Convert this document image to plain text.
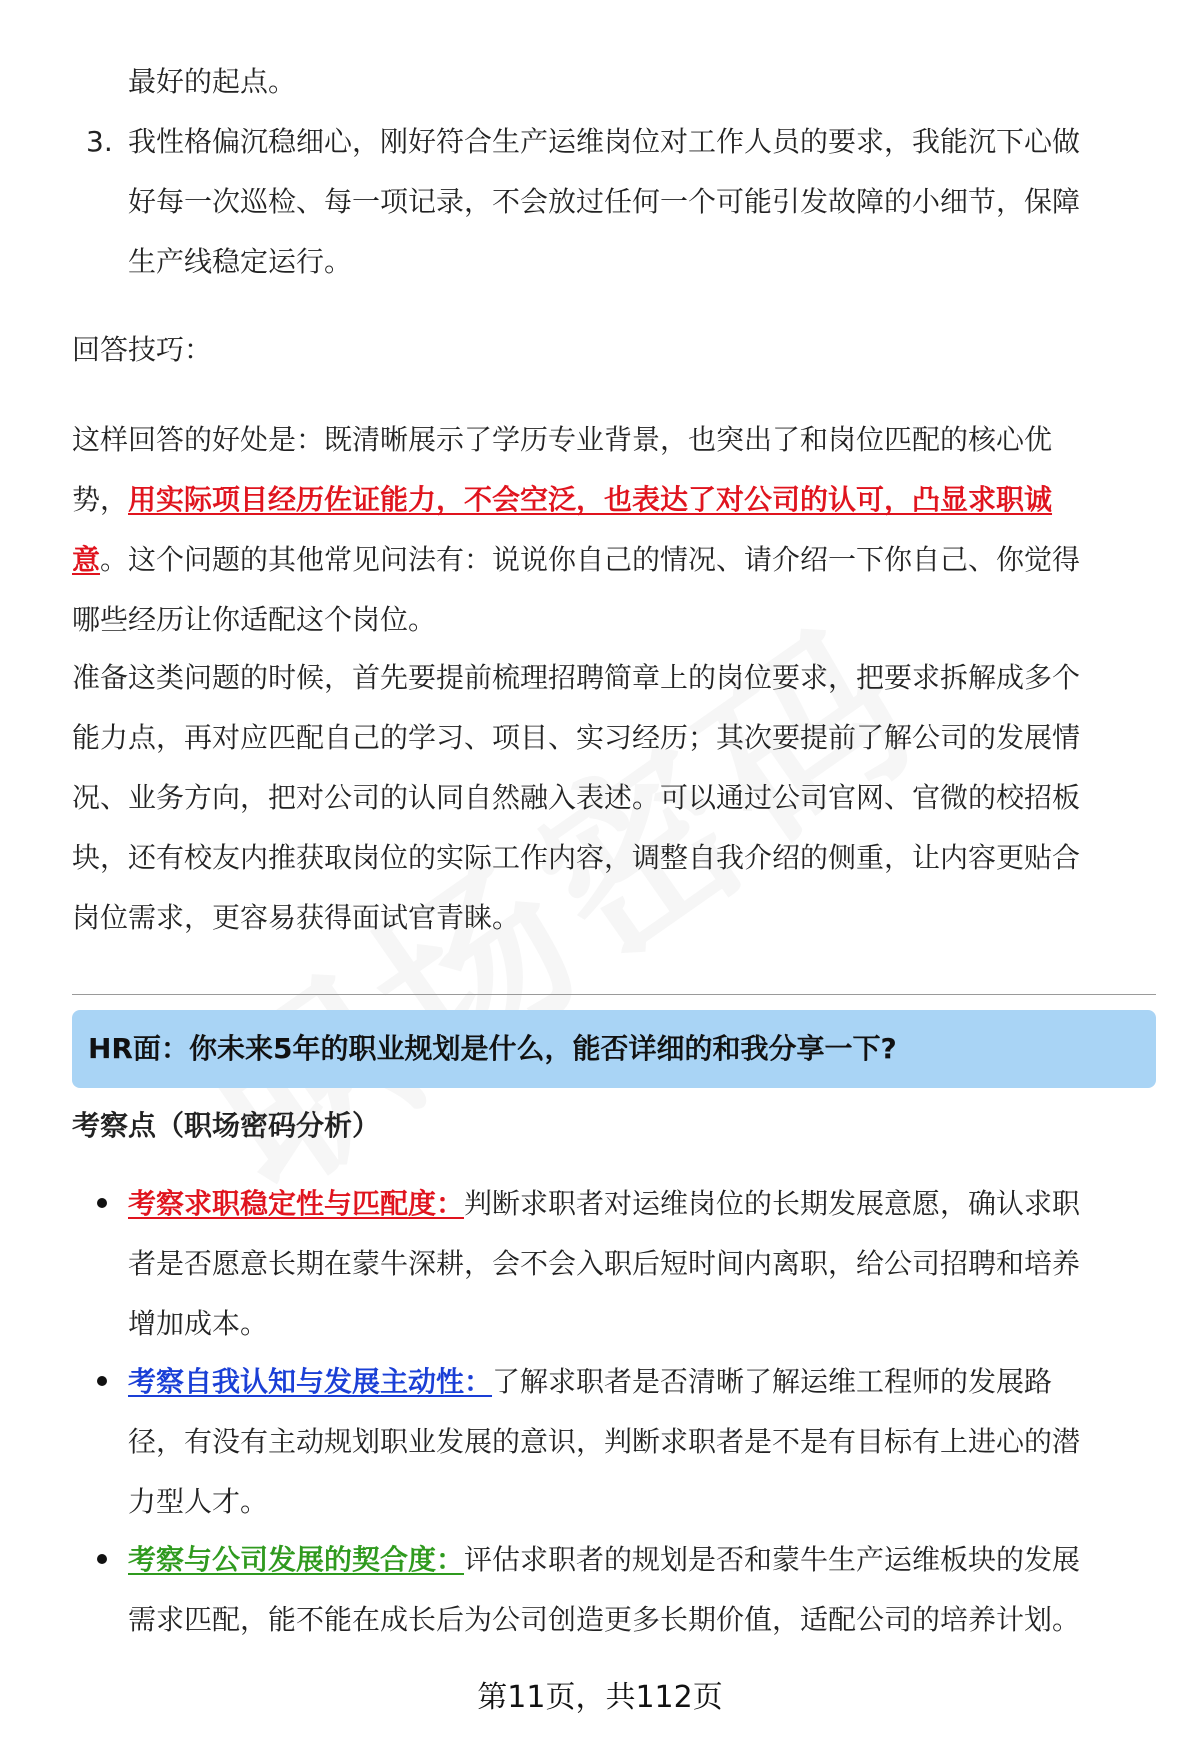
最好的起点。
3. 我性格偏沉稳细心，刚好符合生产运维岗位对工作人员的要求，我能沉下心做
好每一次巡检、每一项记录，不会放过任何一个可能引发故障的小细节，保障
生产线稳定运行。
回答技巧：
这样回答的好处是：既清晰展示了学历专业背景，也突出了和岗位匹配的核心优
势，用实际项目经历佐证能力，不会空泛，也表达了对公司的认可，凸显求职诚
意。这个问题的其他常见问法有：说说你自己的情况、请介绍一下你自己、你觉得
哪些经历让你适配这个岗位。
准备这类问题的时候，首先要提前梳理招聘简章上的岗位要求，把要求拆解成多个
能力点，再对应匹配自己的学习、项目、实习经历；其次要提前了解公司的发展情
况、业务方向，把对公司的认同自然融入表述。可以通过公司官网、官微的校招板
块，还有校友内推获取岗位的实际工作内容，调整自我介绍的侧重，让内容更贴合
岗位需求，更容易获得面试官青睐。
HR面：你未来5年的职业规划是什么，能否详细的和我分享一下?
考察点（职场密码分析）
考察求职稳定性与匹配度：判断求职者对运维岗位的长期发展意愿，确认求职
者是否愿意长期在蒙牛深耕，会不会入职后短时间内离职，给公司招聘和培养
增加成本。
考察自我认知与发展主动性：了解求职者是否清晰了解运维工程师的发展路
径，有没有主动规划职业发展的意识，判断求职者是不是有目标有上进心的潜
力型人才。
考察与公司发展的契合度：评估求职者的规划是否和蒙牛生产运维板块的发展
需求匹配，能不能在成长后为公司创造更多长期价值，适配公司的培养计划。
第11页，共112页
